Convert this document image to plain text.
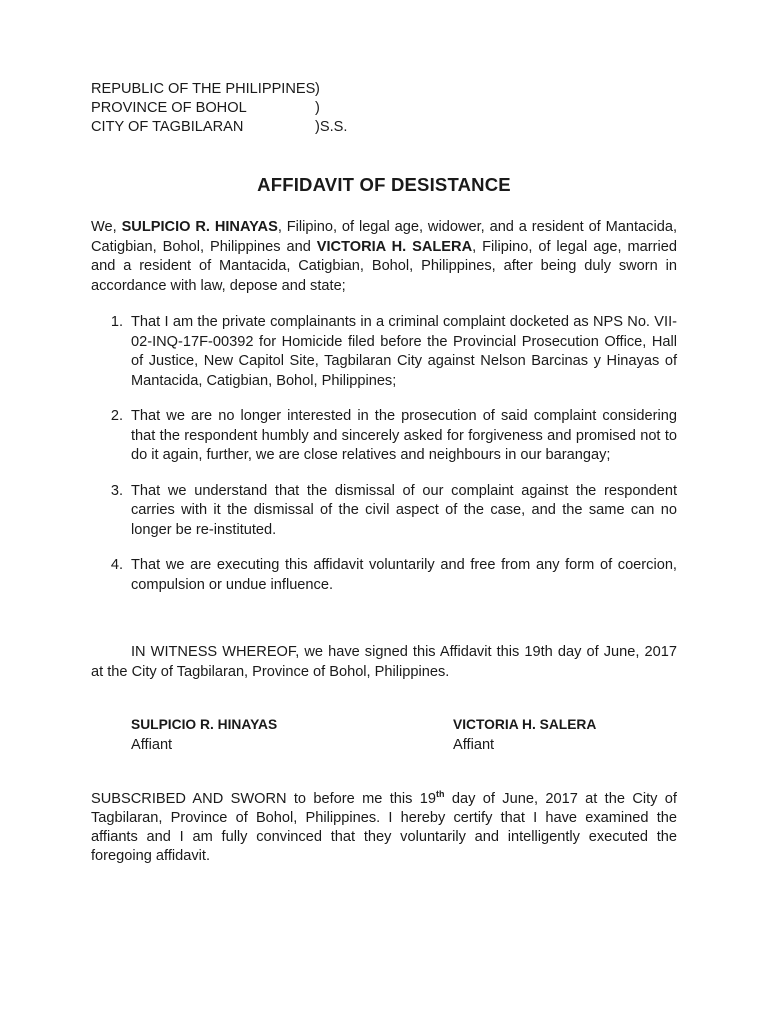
REPUBLIC OF THE PHILIPPINES )
PROVINCE OF BOHOL	)
CITY OF TAGBILARAN	)S.S.
AFFIDAVIT OF DESISTANCE

We, SULPICIO R. HINAYAS, Filipino, of legal age, widower, and a resident of Mantacida, Catigbian, Bohol, Philippines and VICTORIA H. SALERA, Filipino, of legal age, married and a resident of Mantacida, Catigbian, Bohol, Philippines, after being duly sworn in accordance with law, depose and state;

1. That I am the private complainants in a criminal complaint docketed as NPS No. VII-02-INQ-17F-00392 for Homicide filed before the Provincial Prosecution Office, Hall of Justice, New Capitol Site, Tagbilaran City against Nelson Barcinas y Hinayas of Mantacida, Catigbian, Bohol, Philippines;
2. That we are no longer interested in the prosecution of said complaint considering that the respondent humbly and sincerely asked for forgiveness and promised not to do it again, further, we are close relatives and neighbours in our barangay;
3. That we understand that the dismissal of our complaint against the respondent carries with it the dismissal of the civil aspect of the case, and the same can no longer be re-instituted.
4. That we are executing this affidavit voluntarily and free from any form of coercion, compulsion or undue influence.

IN WITNESS WHEREOF, we have signed this Affidavit this 19th day of June, 2017 at the City of Tagbilaran, Province of Bohol, Philippines.

SULPICIO R. HINAYAS
Affiant
VICTORIA H. SALERA
Affiant

SUBSCRIBED AND SWORN to before me this 19th day of June, 2017 at the City of Tagbilaran, Province of Bohol, Philippines. I hereby certify that I have examined the affiants and I am fully convinced that they voluntarily and intelligently executed the foregoing affidavit.
